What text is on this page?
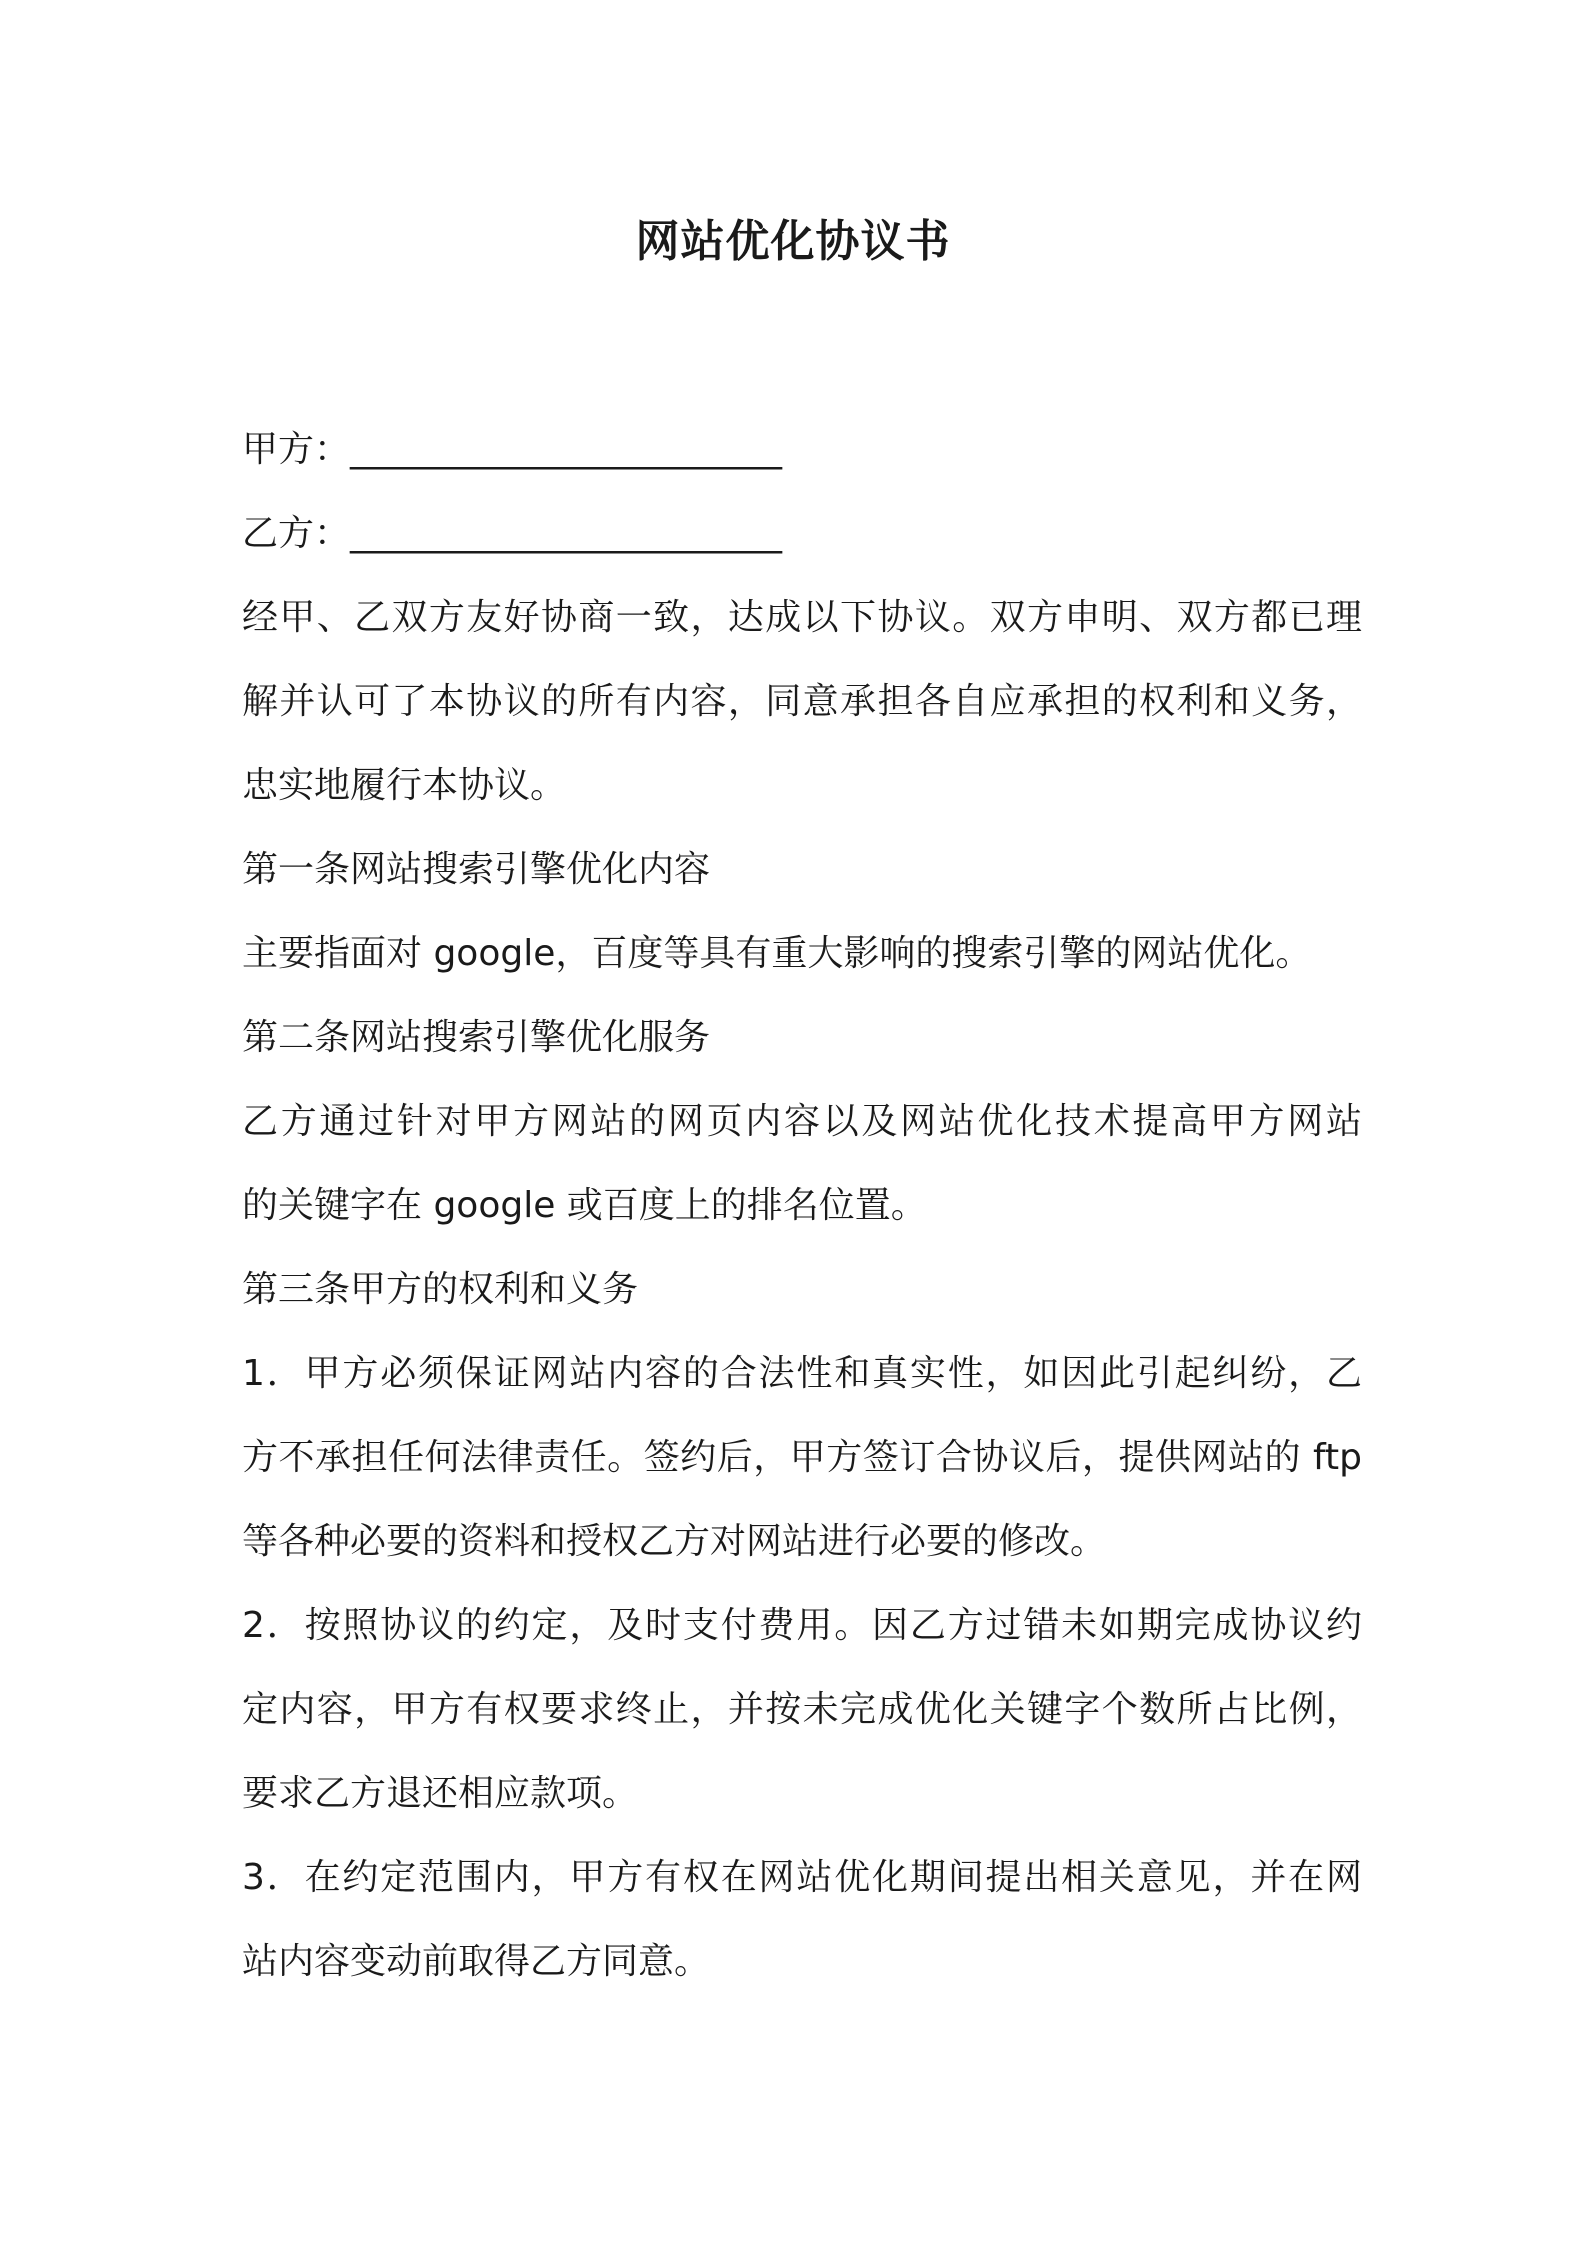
网站优化协议书
甲方：________________________
乙方：________________________
经甲、乙双方友好协商一致，达成以下协议。双方申明、双方都已理
解并认可了本协议的所有内容，同意承担各自应承担的权利和义务，
忠实地履行本协议。
第一条网站搜索引擎优化内容
主要指面对 google，百度等具有重大影响的搜索引擎的网站优化。
第二条网站搜索引擎优化服务
乙方通过针对甲方网站的网页内容以及网站优化技术提高甲方网站
的关键字在 google 或百度上的排名位置。
第三条甲方的权利和义务
1．甲方必须保证网站内容的合法性和真实性，如因此引起纠纷，乙
方不承担任何法律责任。签约后，甲方签订合协议后，提供网站的 ftp
等各种必要的资料和授权乙方对网站进行必要的修改。
2．按照协议的约定，及时支付费用。因乙方过错未如期完成协议约
定内容，甲方有权要求终止，并按未完成优化关键字个数所占比例，
要求乙方退还相应款项。
3．在约定范围内，甲方有权在网站优化期间提出相关意见，并在网
站内容变动前取得乙方同意。
